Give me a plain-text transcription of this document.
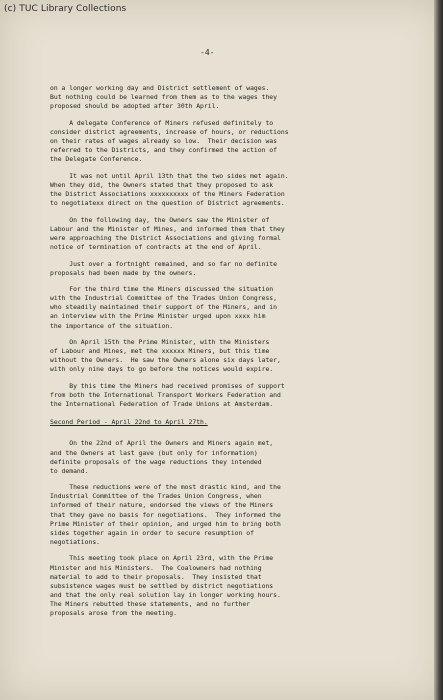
(c) TUC Library Collections
-4-
on a longer working day and District settlement of wages.
But nothing could be learned from them as to the wages they
proposed should be adopted after 30th April.
A delegate Conference of Miners refused definitely to
consider district agreements, increase of hours, or reductions
on their rates of wages already so low.  Their decision was
referred to the Districts, and they confirmed the action of
the Delegate Conference.
It was not until April 13th that the two sides met again.
When they did, the Owners stated that they proposed to ask
the District Associations xxxxxxxxxx of the Miners Federation
to negotiatexx direct on the question of District agreements.
On the following day, the Owners saw the Minister of
Labour and the Minister of Mines, and informed them that they
were approaching the District Associations and giving formal
notice of termination of contracts at the end of April.
Just over a fortnight remained, and so far no definite
proposals had been made by the owners.
For the third time the Miners discussed the situation
with the Industrial Committee of the Trades Union Congress,
who steadily maintained their support of the Miners, and in
an interview with the Prime Minister urged upon xxxx him
the importance of the situation.
On April 15th the Prime Minister, with the Ministers
of Labour and Mines, met the xxxxxx Miners, but this time
without the Owners.  He saw the Owners alone six days later,
with only nine days to go before the notices would expire.
By this time the Miners had received promises of support
from both the International Transport Workers Federation and
the International Federation of Trade Unions at Amsterdam.
Second Period - April 22nd to April 27th.
On the 22nd of April the Owners and Miners again met,
and the Owners at last gave (but only for information)
definite proposals of the wage reductions they intended
to demand.
These reductions were of the most drastic kind, and the
Industrial Committee of the Trades Union Congress, when
informed of their nature, endorsed the views of the Miners
that they gave no basis for negotiations.  They informed the
Prime Minister of their opinion, and urged him to bring both
sides together again in order to secure resumption of
negotiations.
This meeting took place on April 23rd, with the Prime
Minister and his Ministers.  The Coalowners had nothing
material to add to their proposals.  They insisted that
subsistence wages must be settled by district negotiations
and that the only real solution lay in longer working hours.
The Miners rebutted these statements, and no further
proposals arose from the meeting.
